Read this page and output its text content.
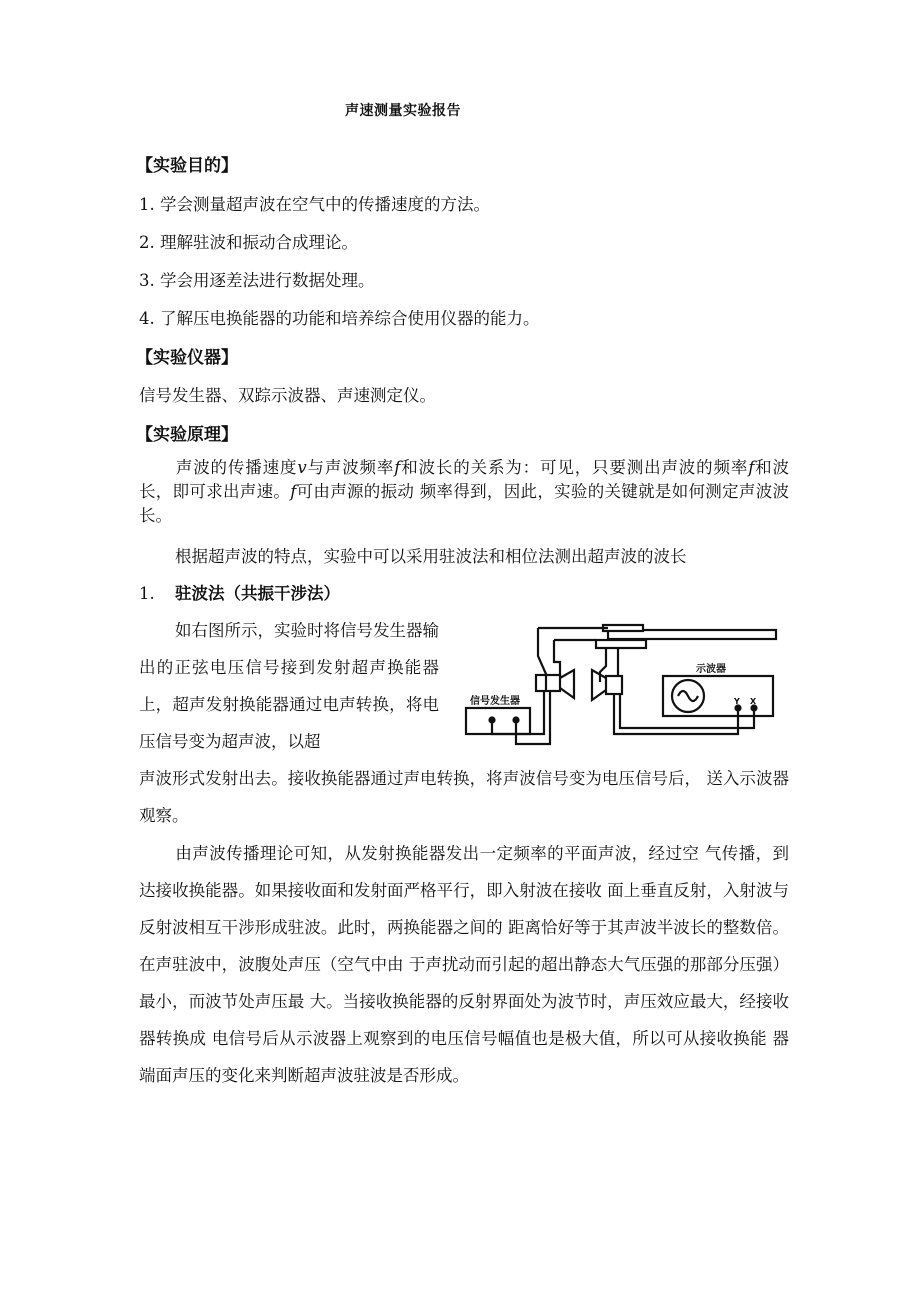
声速测量实验报告
【实验目的】
1. 学会测量超声波在空气中的传播速度的方法。
2. 理解驻波和振动合成理论。
3. 学会用逐差法进行数据处理。
4. 了解压电换能器的功能和培养综合使用仪器的能力。
【实验仪器】
信号发生器、双踪示波器、声速测定仪。
【实验原理】
声波的传播速度v与声波频率f和波长的关系为：可见，只要测出声波的频率f和波长，即可求出声速。f可由声源的振动 频率得到，因此，实验的关键就是如何测定声波波长。
根据超声波的特点，实验中可以采用驻波法和相位法测出超声波的波长
1. 驻波法（共振干涉法）
如右图所示，实验时将信号发生器输出的正弦电压信号接到发射超声换能器上，超声发射换能器通过电声转换，将电压信号变为超声波，以超
信号发生器
示波器
Y X
声波形式发射出去。接收换能器通过声电转换，将声波信号变为电压信号后， 送入示波器观察。
由声波传播理论可知，从发射换能器发出一定频率的平面声波，经过空 气传播，到达接收换能器。如果接收面和发射面严格平行，即入射波在接收 面上垂直反射，入射波与反射波相互干涉形成驻波。此时，两换能器之间的 距离恰好等于其声波半波长的整数倍。在声驻波中，波腹处声压（空气中由 于声扰动而引起的超出静态大气压强的那部分压强）最小，而波节处声压最 大。当接收换能器的反射界面处为波节时，声压效应最大，经接收器转换成 电信号后从示波器上观察到的电压信号幅值也是极大值，所以可从接收换能 器端面声压的变化来判断超声波驻波是否形成。
